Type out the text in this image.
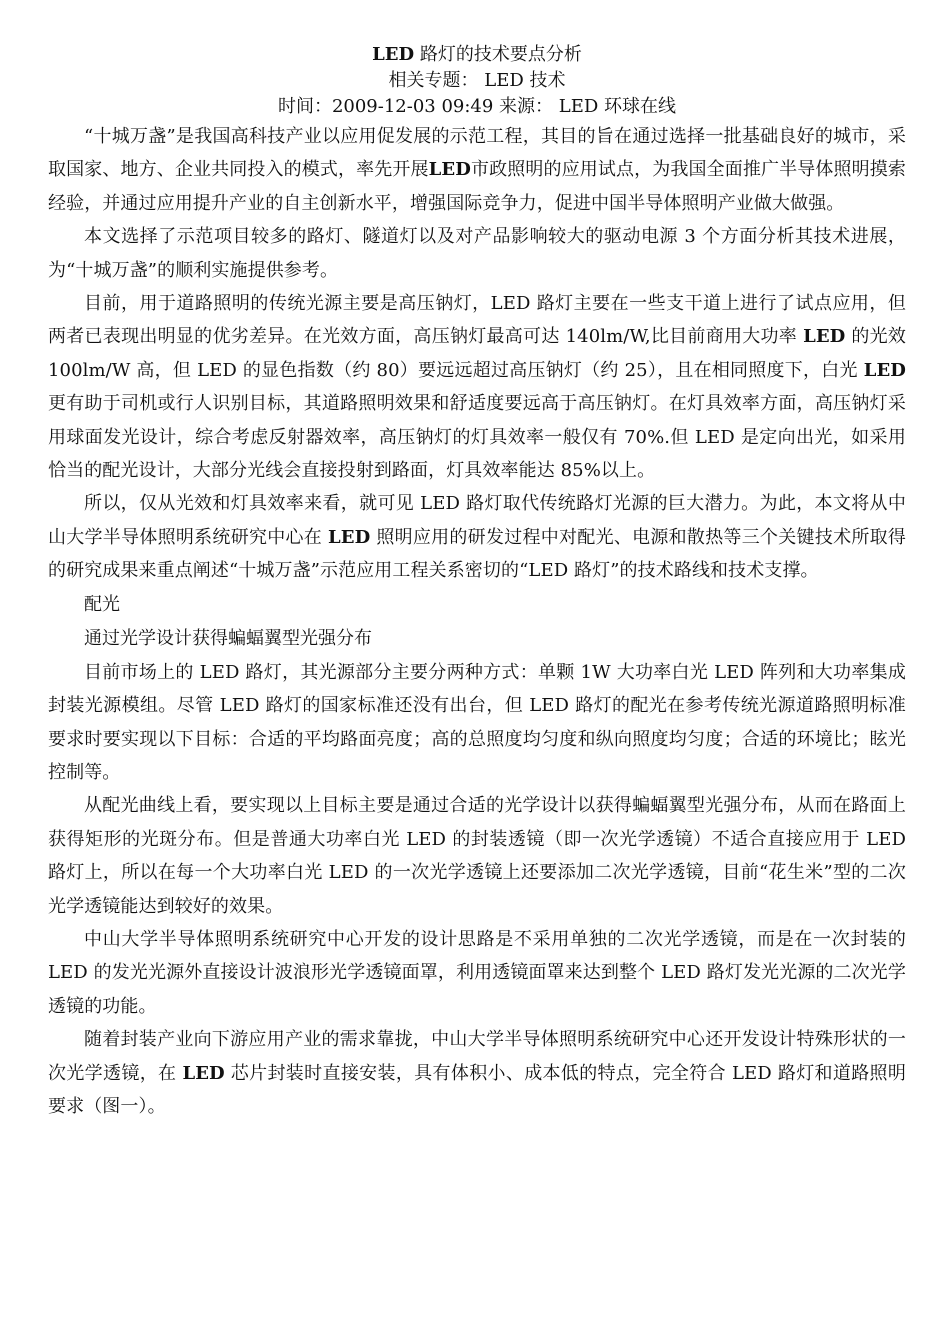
LED 路灯的技术要点分析

相关专题： LED 技术

时间：2009-12-03 09:49 来源： LED 环球在线

“十城万盏”是我国高科技产业以应用促发展的示范工程，其目的旨在通过选择一批基础良好的城市，采取国家、地方、企业共同投入的模式，率先开展LED市政照明的应用试点，为我国全面推广半导体照明摸索经验，并通过应用提升产业的自主创新水平，增强国际竞争力，促进中国半导体照明产业做大做强。

本文选择了示范项目较多的路灯、隧道灯以及对产品影响较大的驱动电源 3 个方面分析其技术进展，为“十城万盏”的顺利实施提供参考。

目前，用于道路照明的传统光源主要是高压钠灯，LED 路灯主要在一些支干道上进行了试点应用，但两者已表现出明显的优劣差异。在光效方面，高压钠灯最高可达 140lm/W,比目前商用大功率 LED 的光效 100lm/W 高，但 LED 的显色指数（约 80）要远远超过高压钠灯（约 25），且在相同照度下，白光 LED 更有助于司机或行人识别目标，其道路照明效果和舒适度要远高于高压钠灯。在灯具效率方面，高压钠灯采用球面发光设计，综合考虑反射器效率，高压钠灯的灯具效率一般仅有 70%.但 LED 是定向出光，如采用恰当的配光设计，大部分光线会直接投射到路面，灯具效率能达 85%以上。

所以，仅从光效和灯具效率来看，就可见 LED 路灯取代传统路灯光源的巨大潜力。为此，本文将从中山大学半导体照明系统研究中心在 LED 照明应用的研发过程中对配光、电源和散热等三个关键技术所取得的研究成果来重点阐述“十城万盏”示范应用工程关系密切的“LED 路灯”的技术路线和技术支撑。

配光

通过光学设计获得蝙蝠翼型光强分布

目前市场上的 LED 路灯，其光源部分主要分两种方式：单颗 1W 大功率白光 LED 阵列和大功率集成封装光源模组。尽管 LED 路灯的国家标准还没有出台，但 LED 路灯的配光在参考传统光源道路照明标准要求时要实现以下目标：合适的平均路面亮度；高的总照度均匀度和纵向照度均匀度；合适的环境比；眩光控制等。

从配光曲线上看，要实现以上目标主要是通过合适的光学设计以获得蝙蝠翼型光强分布，从而在路面上获得矩形的光斑分布。但是普通大功率白光 LED 的封装透镜（即一次光学透镜）不适合直接应用于 LED 路灯上，所以在每一个大功率白光 LED 的一次光学透镜上还要添加二次光学透镜，目前“花生米”型的二次光学透镜能达到较好的效果。

中山大学半导体照明系统研究中心开发的设计思路是不采用单独的二次光学透镜，而是在一次封装的 LED 的发光光源外直接设计波浪形光学透镜面罩，利用透镜面罩来达到整个 LED 路灯发光光源的二次光学透镜的功能。

随着封装产业向下游应用产业的需求靠拢，中山大学半导体照明系统研究中心还开发设计特殊形状的一次光学透镜，在 LED 芯片封装时直接安装，具有体积小、成本低的特点，完全符合 LED 路灯和道路照明要求（图一）。
